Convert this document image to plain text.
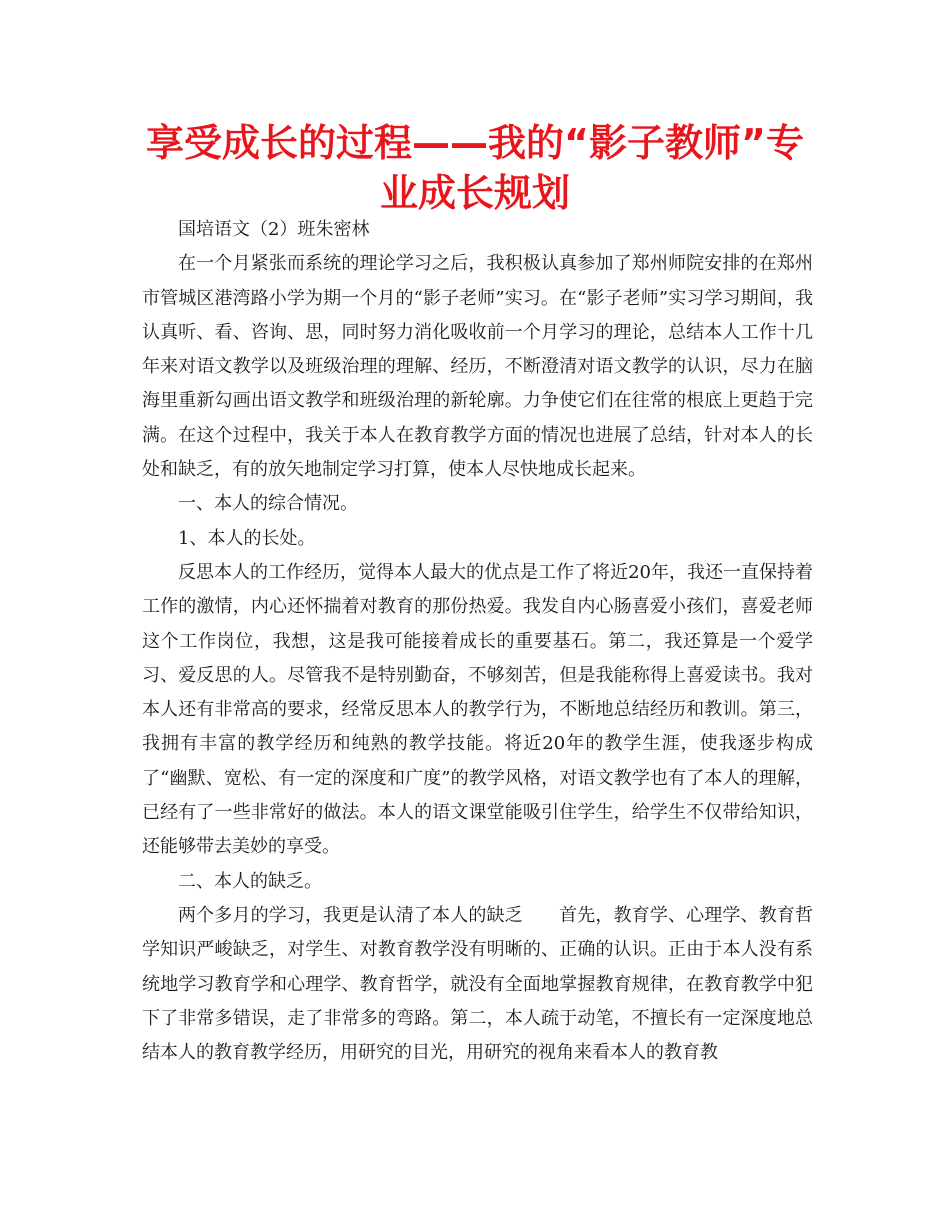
享受成长的过程——我的“影子教师”专业成长规划

国培语文（2）班朱密林

在一个月紧张而系统的理论学习之后，我积极认真参加了郑州师院安排的在郑州市管城区港湾路小学为期一个月的“影子老师”实习。在“影子老师”实习学习期间，我认真听、看、咨询、思，同时努力消化吸收前一个月学习的理论，总结本人工作十几年来对语文教学以及班级治理的理解、经历，不断澄清对语文教学的认识，尽力在脑海里重新勾画出语文教学和班级治理的新轮廓。力争使它们在往常的根底上更趋于完满。在这个过程中，我关于本人在教育教学方面的情况也进展了总结，针对本人的长处和缺乏，有的放矢地制定学习打算，使本人尽快地成长起来。

一、本人的综合情况。

1、本人的长处。

反思本人的工作经历，觉得本人最大的优点是工作了将近20年，我还一直保持着工作的激情，内心还怀揣着对教育的那份热爱。我发自内心肠喜爱小孩们，喜爱老师这个工作岗位，我想，这是我可能接着成长的重要基石。第二，我还算是一个爱学习、爱反思的人。尽管我不是特别勤奋，不够刻苦，但是我能称得上喜爱读书。我对本人还有非常高的要求，经常反思本人的教学行为，不断地总结经历和教训。第三，我拥有丰富的教学经历和纯熟的教学技能。将近20年的教学生涯，使我逐步构成了“幽默、宽松、有一定的深度和广度”的教学风格，对语文教学也有了本人的理解，已经有了一些非常好的做法。本人的语文课堂能吸引住学生，给学生不仅带给知识，还能够带去美妙的享受。

二、本人的缺乏。

两个多月的学习，我更是认清了本人的缺乏　　首先，教育学、心理学、教育哲学知识严峻缺乏，对学生、对教育教学没有明晰的、正确的认识。正由于本人没有系统地学习教育学和心理学、教育哲学，就没有全面地掌握教育规律，在教育教学中犯下了非常多错误，走了非常多的弯路。第二，本人疏于动笔，不擅长有一定深度地总结本人的教育教学经历，用研究的目光，用研究的视角来看本人的教育教
